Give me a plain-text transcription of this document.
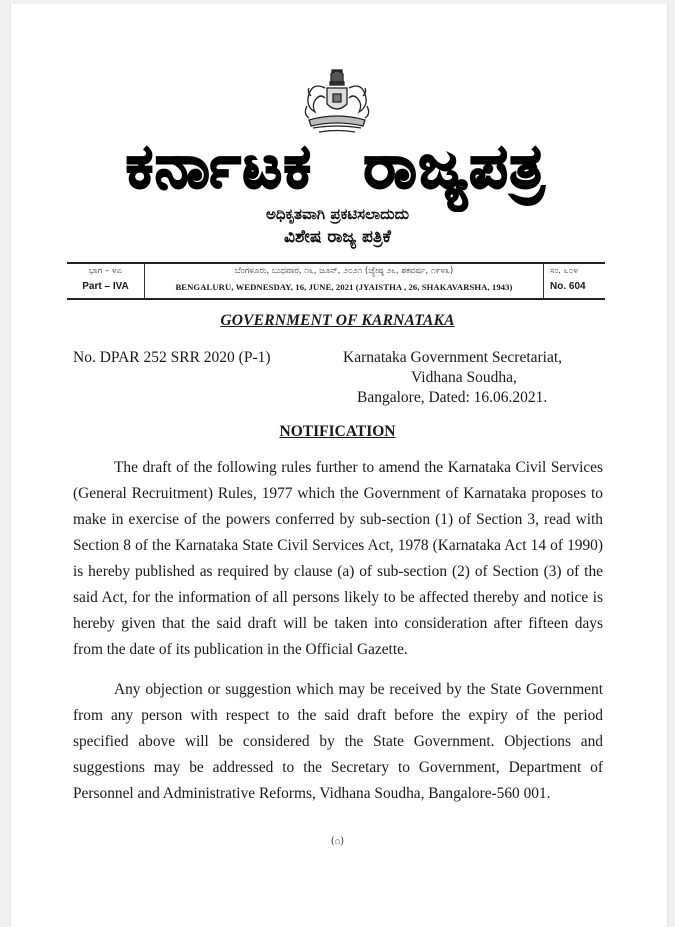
ಕರ್ನಾಟಕ ರಾಜ್ಯಪತ್ರ
ಅಧಿಕೃತವಾಗಿ ಪ್ರಕಟಿಸಲಾದುದು
ವಿಶೇಷ ರಾಜ್ಯ ಪತ್ರಿಕೆ
ಭಾಗ – ೪ಎ
Part – IVA
ಬೆಂಗಳೂರು, ಬುಧವಾರ, ೧೬, ಜೂನ್, ೨೦೨೧ (ಜ್ಯೇಷ್ಠ ೨೬, ಶಕವರ್ಷ, ೧೯೪೩)
BENGALURU, WEDNESDAY, 16, JUNE, 2021 (JYAISTHA , 26, SHAKAVARSHA, 1943)
ಸಂ. ೬೦೪
No. 604
GOVERNMENT OF KARNATAKA
No. DPAR 252 SRR 2020 (P-1)	Karnataka Government Secretariat,
Vidhana Soudha,
Bangalore, Dated: 16.06.2021.
NOTIFICATION

The draft of the following rules further to amend the Karnataka Civil Services (General Recruitment) Rules, 1977 which the Government of Karnataka proposes to make in exercise of the powers conferred by sub-section (1) of Section 3, read with Section 8 of the Karnataka State Civil Services Act, 1978 (Karnataka Act 14 of 1990) is hereby published as required by clause (a) of sub-section (2) of Section (3) of the said Act, for the information of all persons likely to be affected thereby and notice is hereby given that the said draft will be taken into consideration after fifteen days from the date of its publication in the Official Gazette.

Any objection or suggestion which may be received by the State Government from any person with respect to the said draft before the expiry of the period specified above will be considered by the State Government. Objections and suggestions may be addressed to the Secretary to Government, Department of Personnel and Administrative Reforms, Vidhana Soudha, Bangalore-560 001.

(೧)
